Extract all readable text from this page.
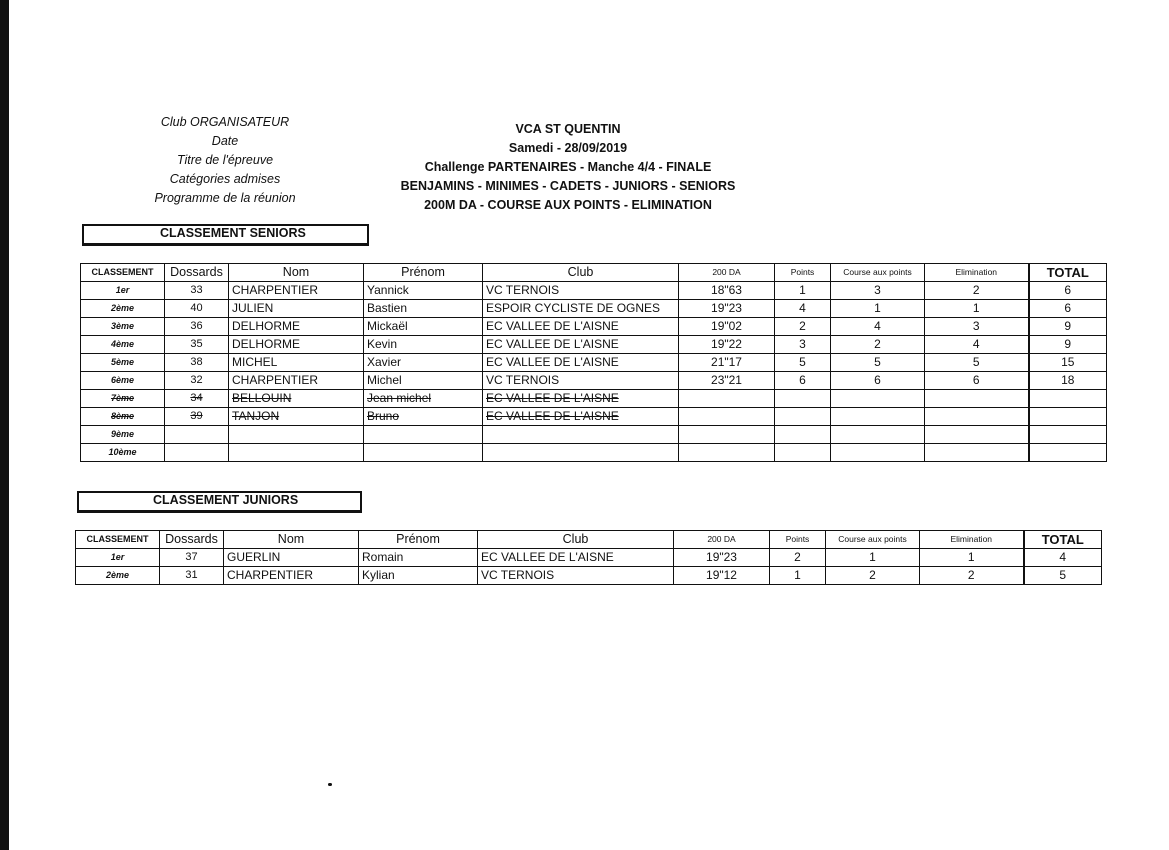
Club ORGANISATEUR
Date
Titre de l'épreuve
Catégories admises
Programme de la réunion
VCA ST QUENTIN
Samedi - 28/09/2019
Challenge PARTENAIRES - Manche 4/4 - FINALE
BENJAMINS - MINIMES - CADETS - JUNIORS - SENIORS
200M DA - COURSE AUX POINTS - ELIMINATION
CLASSEMENT SENIORS
CLASSEMENT	Dossards	Nom	Prénom	Club	200 DA	Points	Course aux points	Elimination	TOTAL
1er	33	CHARPENTIER	Yannick	VC TERNOIS	18"63	1	3	2	6
2ème	40	JULIEN	Bastien	ESPOIR CYCLISTE DE OGNES	19"23	4	1	1	6
3ème	36	DELHORME	Mickaël	EC VALLEE DE L'AISNE	19"02	2	4	3	9
4ème	35	DELHORME	Kevin	EC VALLEE DE L'AISNE	19"22	3	2	4	9
5ème	38	MICHEL	Xavier	EC VALLEE DE L'AISNE	21"17	5	5	5	15
6ème	32	CHARPENTIER	Michel	VC TERNOIS	23"21	6	6	6	18
7ème	34	BELLOUIN	Jean michel	EC VALLEE DE L'AISNE					
8ème	39	TANJON	Bruno	EC VALLEE DE L'AISNE					
9ème									
10ème									
CLASSEMENT JUNIORS
CLASSEMENT	Dossards	Nom	Prénom	Club	200 DA	Points	Course aux points	Elimination	TOTAL
1er	37	GUERLIN	Romain	EC VALLEE DE L'AISNE	19"23	2	1	1	4
2ème	31	CHARPENTIER	Kylian	VC TERNOIS	19"12	1	2	2	5
